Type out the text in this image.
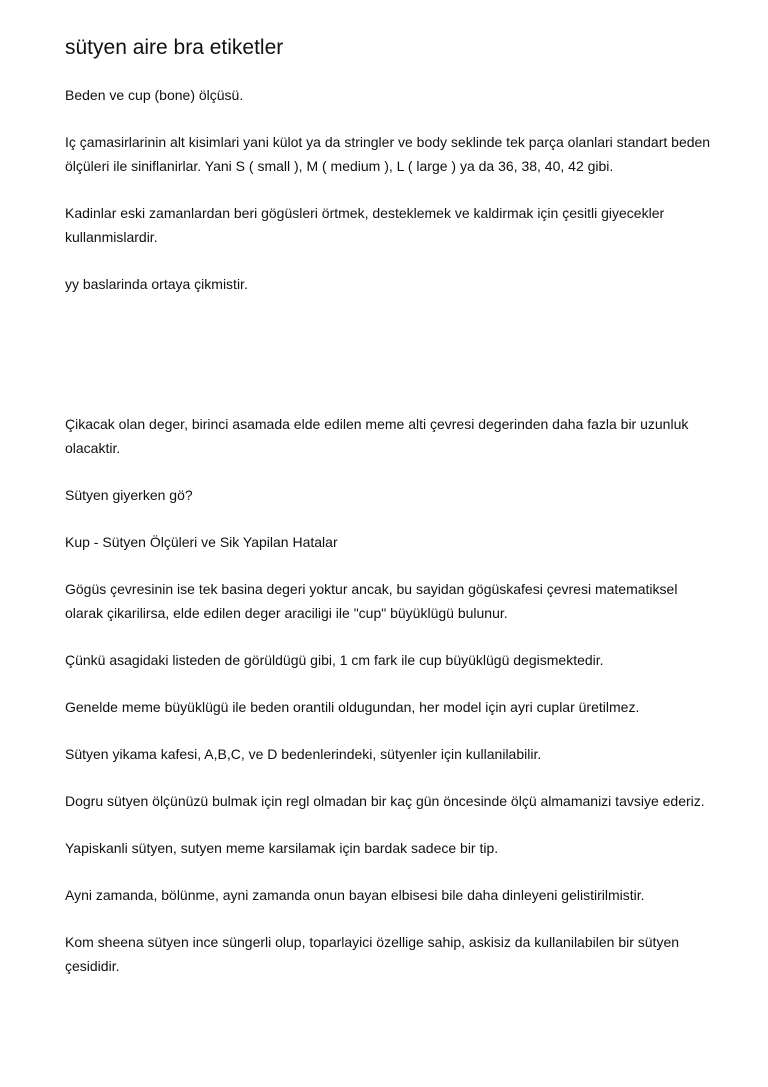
sütyen aire bra etiketler

Beden ve cup (bone) ölçüsü.

Iç çamasirlarinin alt kisimlari yani külot ya da stringler ve body seklinde tek parça olanlari standart beden ölçüleri ile siniflanirlar. Yani S ( small ), M ( medium ), L ( large ) ya da 36, 38, 40, 42 gibi.

Kadinlar eski zamanlardan beri gögüsleri örtmek, desteklemek ve kaldirmak için çesitli giyecekler kullanmislardir.

yy baslarinda ortaya çikmistir.

Çikacak olan deger, birinci asamada elde edilen meme alti çevresi degerinden daha fazla bir uzunluk olacaktir.

Sütyen giyerken gö?

Kup - Sütyen Ölçüleri ve Sik Yapilan Hatalar

Gögüs çevresinin ise tek basina degeri yoktur ancak, bu sayidan gögüskafesi çevresi matematiksel olarak çikarilirsa, elde edilen deger araciligi ile "cup" büyüklügü bulunur.

Çünkü asagidaki listeden de görüldügü gibi, 1 cm fark ile cup büyüklügü degismektedir.

Genelde meme büyüklügü ile beden orantili oldugundan, her model için ayri cuplar üretilmez.

Sütyen yikama kafesi, A,B,C, ve D bedenlerindeki, sütyenler için kullanilabilir.

Dogru sütyen ölçünüzü bulmak için regl olmadan bir kaç gün öncesinde ölçü almamanizi tavsiye ederiz.

Yapiskanli sütyen, sutyen meme karsilamak için bardak sadece bir tip.

Ayni zamanda, bölünme, ayni zamanda onun bayan elbisesi bile daha dinleyeni gelistirilmistir.

Kom sheena sütyen ince süngerli olup, toparlayici özellige sahip, askisiz da kullanilabilen bir sütyen çesididir.
